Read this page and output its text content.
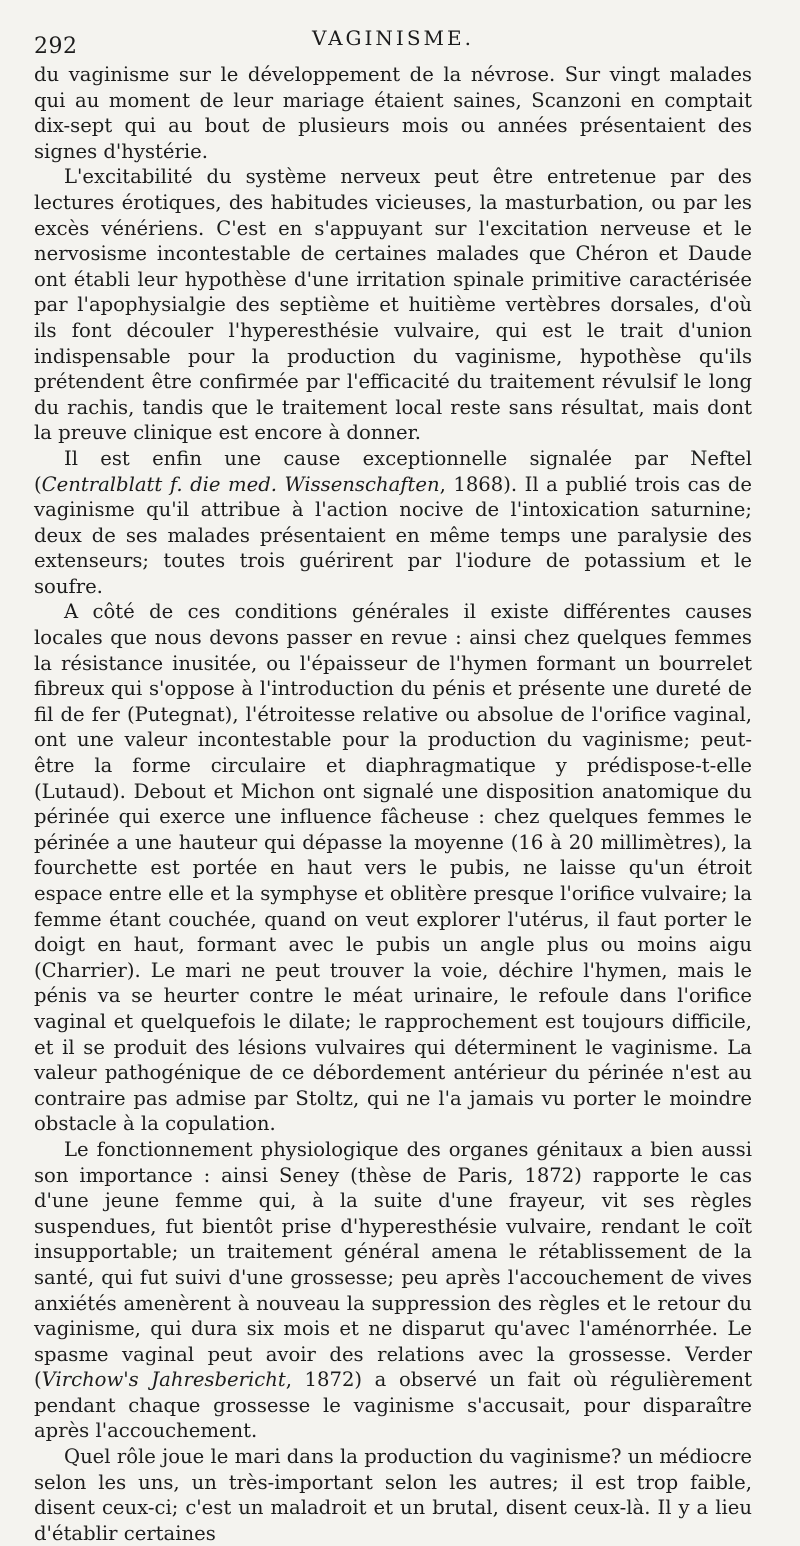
292	VAGINISME.

du vaginisme sur le développement de la névrose. Sur vingt malades qui au moment de leur mariage étaient saines, Scanzoni en comptait dix-sept qui au bout de plusieurs mois ou années présentaient des signes d'hystérie.

L'excitabilité du système nerveux peut être entretenue par des lectures érotiques, des habitudes vicieuses, la masturbation, ou par les excès vénériens. C'est en s'appuyant sur l'excitation nerveuse et le nervosisme incontestable de certaines malades que Chéron et Daude ont établi leur hypothèse d'une irritation spinale primitive caractérisée par l'apophysialgie des septième et huitième vertèbres dorsales, d'où ils font découler l'hyperesthésie vulvaire, qui est le trait d'union indispensable pour la production du vaginisme, hypothèse qu'ils prétendent être confirmée par l'efficacité du traitement révulsif le long du rachis, tandis que le traitement local reste sans résultat, mais dont la preuve clinique est encore à donner.

Il est enfin une cause exceptionnelle signalée par Neftel (Centralblatt f. die med. Wissenschaften, 1868). Il a publié trois cas de vaginisme qu'il attribue à l'action nocive de l'intoxication saturnine; deux de ses malades présentaient en même temps une paralysie des extenseurs; toutes trois guérirent par l'iodure de potassium et le soufre.

A côté de ces conditions générales il existe différentes causes locales que nous devons passer en revue : ainsi chez quelques femmes la résistance inusitée, ou l'épaisseur de l'hymen formant un bourrelet fibreux qui s'oppose à l'introduction du pénis et présente une dureté de fil de fer (Putegnat), l'étroitesse relative ou absolue de l'orifice vaginal, ont une valeur incontestable pour la production du vaginisme; peut-être la forme circulaire et diaphragmatique y prédispose-t-elle (Lutaud). Debout et Michon ont signalé une disposition anatomique du périnée qui exerce une influence fâcheuse : chez quelques femmes le périnée a une hauteur qui dépasse la moyenne (16 à 20 millimètres), la fourchette est portée en haut vers le pubis, ne laisse qu'un étroit espace entre elle et la symphyse et oblitère presque l'orifice vulvaire; la femme étant couchée, quand on veut explorer l'utérus, il faut porter le doigt en haut, formant avec le pubis un angle plus ou moins aigu (Charrier). Le mari ne peut trouver la voie, déchire l'hymen, mais le pénis va se heurter contre le méat urinaire, le refoule dans l'orifice vaginal et quelquefois le dilate; le rapprochement est toujours difficile, et il se produit des lésions vulvaires qui déterminent le vaginisme. La valeur pathogénique de ce débordement antérieur du périnée n'est au contraire pas admise par Stoltz, qui ne l'a jamais vu porter le moindre obstacle à la copulation.

Le fonctionnement physiologique des organes génitaux a bien aussi son importance : ainsi Seney (thèse de Paris, 1872) rapporte le cas d'une jeune femme qui, à la suite d'une frayeur, vit ses règles suspendues, fut bientôt prise d'hyperesthésie vulvaire, rendant le coït insupportable; un traitement général amena le rétablissement de la santé, qui fut suivi d'une grossesse; peu après l'accouchement de vives anxiétés amenèrent à nouveau la suppression des règles et le retour du vaginisme, qui dura six mois et ne disparut qu'avec l'aménorrhée. Le spasme vaginal peut avoir des relations avec la grossesse. Verder (Virchow's Jahresbericht, 1872) a observé un fait où régulièrement pendant chaque grossesse le vaginisme s'accusait, pour disparaître après l'accouchement.

Quel rôle joue le mari dans la production du vaginisme? un médiocre selon les uns, un très-important selon les autres; il est trop faible, disent ceux-ci; c'est un maladroit et un brutal, disent ceux-là. Il y a lieu d'établir certaines
